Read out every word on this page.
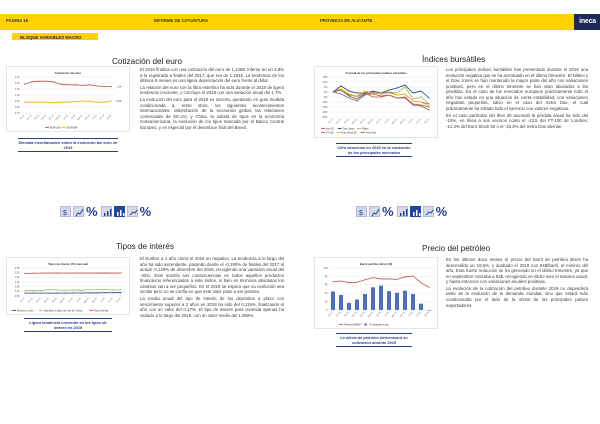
PÁGINA 16	INFORME DE COYUNTURA
BLOQUE VARIABLES MACRO
Cotización del euro
Cotización del euro
1,30
1,20
1,10
1,00
0,90
0,80
0,70
dic-17 ene-18 feb-18 mar-18 abr-18 may-18 jun-18	jul-18 ago-18 sep-18 oct-18 nov-18 dic-18
1,14
0,90
EUR/USA	EUR/GBP
Elevada incertidumbre sobre la evolución del euro en 2019

El 2018 finaliza con una cotización del euro de 1,1388, inferior en un 3,8% a la registrada a finales del 2017, que era de 1,1845. La tendencia de los últimos 8 meses es una ligera depreciación del euro frente al dólar.

La relación del euro con la libra esterlina ha sido durante el 2018 de ligera tendencia creciente, y concluye el 2018 con una variación anual del 1,7%.

La evolución del euro para el 2019 es incierta, quedando en gran medida condicionada a, entre otros, los siguientes acontecimientos internacionales: ralentización de la economía global, las relaciones comerciales de EE.UU. y China, la subida de tipos en la economía norteamericana, la evolución de los tipos marcada por el Banco Central Europeo, y en especial por el desenlace final del Brexit.

$ %	%
Tipos de interés
Tipos de interés (%) mensual
2,50
2,00
1,50
1,00
0,50
0,00
-0,50
dic-17 ene-18 feb-18 mar-18	abr-18 may-18	jun-18	jul-18 ago-18 sep-18	oct-18 nov-18 dic-18
Euribor a 1 año	Depósitos a plazo de más de 2 años	Tipo vivienda
Ligera tendencia creciente en los tipos de interés en 2018

El Euribor a 1 año cierra el 2018 en negativo. La tendencia a lo largo del año ha sido ascendente, pasando desde el -0,190% de finales del 2017 al actual -0,129% de diciembre del 2018, recogiendo una variación anual del -32%. Este tendría sus consecuencias en todos aquellos productos financieros referenciados a este índice, si bien en términos absolutos los cambios van a ser pequeños. En el 2019 se espera que su evolución sea similar pero no se confía en que este valor pase a ser positivo.

La media anual del tipo de interés de los depósitos a plazo con vencimiento superior a 2 años en 2018 ha sido del 0,115%, finalizando el año con un valor del 0,17%. El tipo de interés para vivienda apenas ha variado a lo largo del 2018, con un valor medio del 1,958%.

PROVINCIA DE ALICANTE	ineca
Índices bursátiles
% anual de los principales índices bursátiles
15%
10%
5%
0%
-5%
-10%
-15%
-20%
-25%
dic-17 ene-18 feb-18 mar-18	abr-18 may-18	jun-18	jul-18 ago-18 sep-18	oct-18 nov-18 dic-18
Ibex 35	Dow Jones	Nikkei
FT-100	Euro Stock 50	Xetra Dax
Cifra descenso en 2018 en la cotización de los principales mercados

Los principales índices bursátiles han presentado durante el 2018 una evolución negativa que se ha acentuado en el último trimestre. El Nikkei y el Dow Jones se han mantenido la mayor parte del año con variaciones positivas, pero en el último trimestre se han visto abocados a las pérdidas. En el caso de los mercados europeos prácticamente todo el año han estado en una situación de cierta estabilidad, con variaciones negativas pequeñas, salvo en el caso del Xetra Dax, el cual prácticamente ha estado todo el ejercicio con valores negativos.

En el caso particular del Ibex 35 acumuló la pérdida anual ha sido del -15%, en línea a sus vecinos como el -12,5 del FT-100 de Londres, -14,3% del Euro Stock 50 o el -18,3% del Xetra Dax alemán.

$ %	%
Precio del petróleo
Barril petróleo Brent ($)
100
80
60
40
20
0
dic-17 ene-18 feb-18 mar-18	abr-18 may-18	jun-18	jul-18 ago-18 sep-18	oct-18 nov-18 dic-18
Petróleo BRENT	% Variación anual
La oferta de petróleo determinará su cotización durante 2019

En los últimos doce meses el precio del barril de petróleo Brent ha descendido un 19,5%, y acabado el 2018 con 54$/barril, el mínimo del año. Esta fuerte reducción se ha generado en el último trimestre, ya que en septiembre cotizaba a 83$, recogiendo en dicho mes el máximo anual, y hasta entonces con variaciones anuales positivas.

La evolución de la cotización del petróleo durante 2019 no dependerá tanto de la evolución de la demanda mundial, sino que estará más condicionada por el lado de la oferta de los principales países exportadores.
